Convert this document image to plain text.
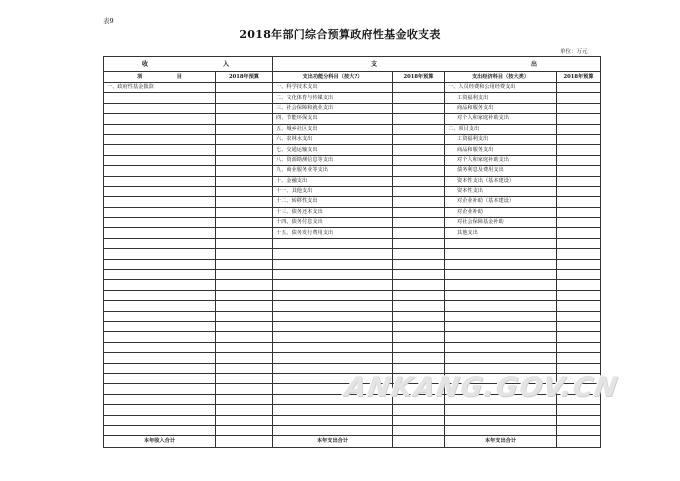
表9
2018年部门综合预算政府性基金收支表
单位：万元
收 入		支 出			

项 目	2018年预算	支出功能分科目（按大?）	2018年预算	支出经济科目（按大类）	2018年预算
一、政府性基金拨款		一、科学技术支出		一、人员经费和公用经费支出	
		二、文化体育与传媒支出		工资福利支出	
		三、社会保障和就业支出		商品和服务支出	
		四、节能环保支出		对个人和家庭补助支出	
		五、城乡社区支出		二、项目支出	
		六、农林水支出		工资福利支出	
		七、交通运输支出		商品和服务支出	
		八、资源勘测信息等支出		对个人和家庭补助支出	
		九、商业服务业等支出		债务利息及费用支出	
		十、金融支出		资本性支出（基本建设）	
		十一、其他支出		资本性支出	
		十二、转移性支出		对企业补助（基本建设）	
		十三、债务还本支出		对企业补助	
		十四、债务付息支出		对社会保障基金补助	
		十五、债务发行费用支出		其他支出	

本年收入合计		本年支出合计		本年支出合计	
ANKANG.GOV.CN
